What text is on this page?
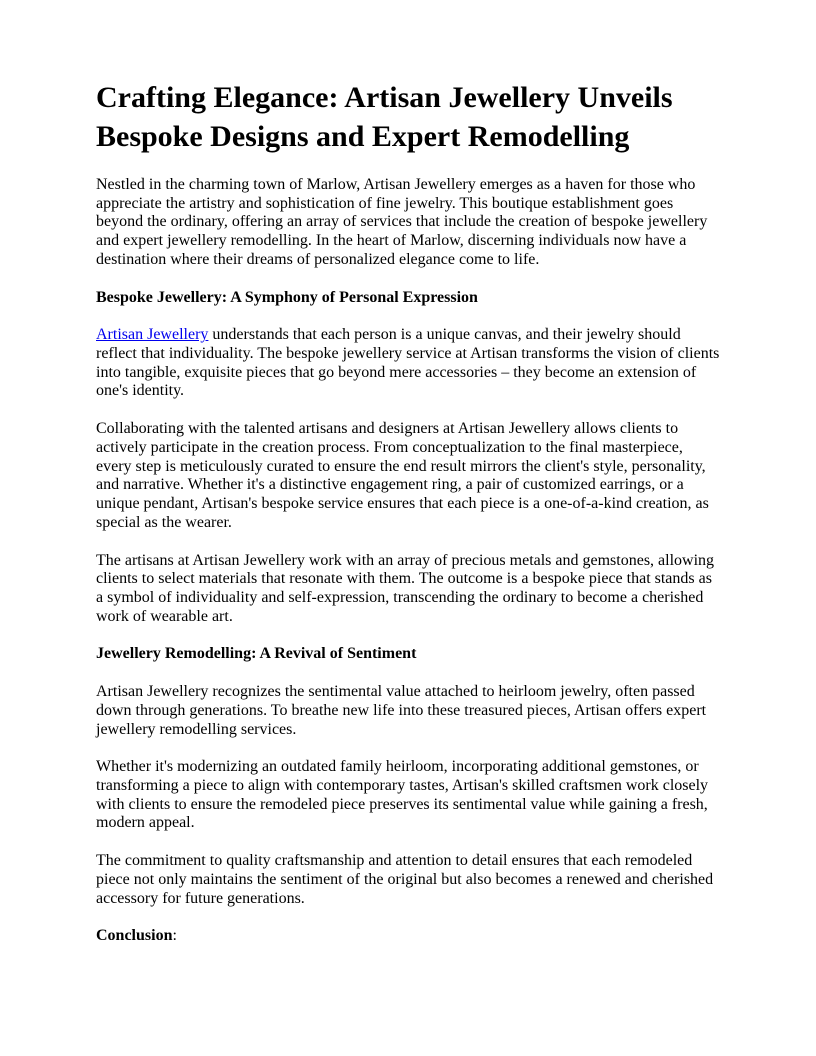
Crafting Elegance: Artisan Jewellery Unveils
Bespoke Designs and Expert Remodelling

Nestled in the charming town of Marlow, Artisan Jewellery emerges as a haven for those who appreciate the artistry and sophistication of fine jewelry. This boutique establishment goes beyond the ordinary, offering an array of services that include the creation of bespoke jewellery and expert jewellery remodelling. In the heart of Marlow, discerning individuals now have a destination where their dreams of personalized elegance come to life.

Bespoke Jewellery: A Symphony of Personal Expression

Artisan Jewellery understands that each person is a unique canvas, and their jewelry should reflect that individuality. The bespoke jewellery service at Artisan transforms the vision of clients into tangible, exquisite pieces that go beyond mere accessories – they become an extension of one's identity.

Collaborating with the talented artisans and designers at Artisan Jewellery allows clients to actively participate in the creation process. From conceptualization to the final masterpiece, every step is meticulously curated to ensure the end result mirrors the client's style, personality, and narrative. Whether it's a distinctive engagement ring, a pair of customized earrings, or a unique pendant, Artisan's bespoke service ensures that each piece is a one-of-a-kind creation, as special as the wearer.

The artisans at Artisan Jewellery work with an array of precious metals and gemstones, allowing clients to select materials that resonate with them. The outcome is a bespoke piece that stands as a symbol of individuality and self-expression, transcending the ordinary to become a cherished work of wearable art.

Jewellery Remodelling: A Revival of Sentiment

Artisan Jewellery recognizes the sentimental value attached to heirloom jewelry, often passed down through generations. To breathe new life into these treasured pieces, Artisan offers expert jewellery remodelling services.

Whether it's modernizing an outdated family heirloom, incorporating additional gemstones, or transforming a piece to align with contemporary tastes, Artisan's skilled craftsmen work closely with clients to ensure the remodeled piece preserves its sentimental value while gaining a fresh, modern appeal.

The commitment to quality craftsmanship and attention to detail ensures that each remodeled piece not only maintains the sentiment of the original but also becomes a renewed and cherished accessory for future generations.

Conclusion:
